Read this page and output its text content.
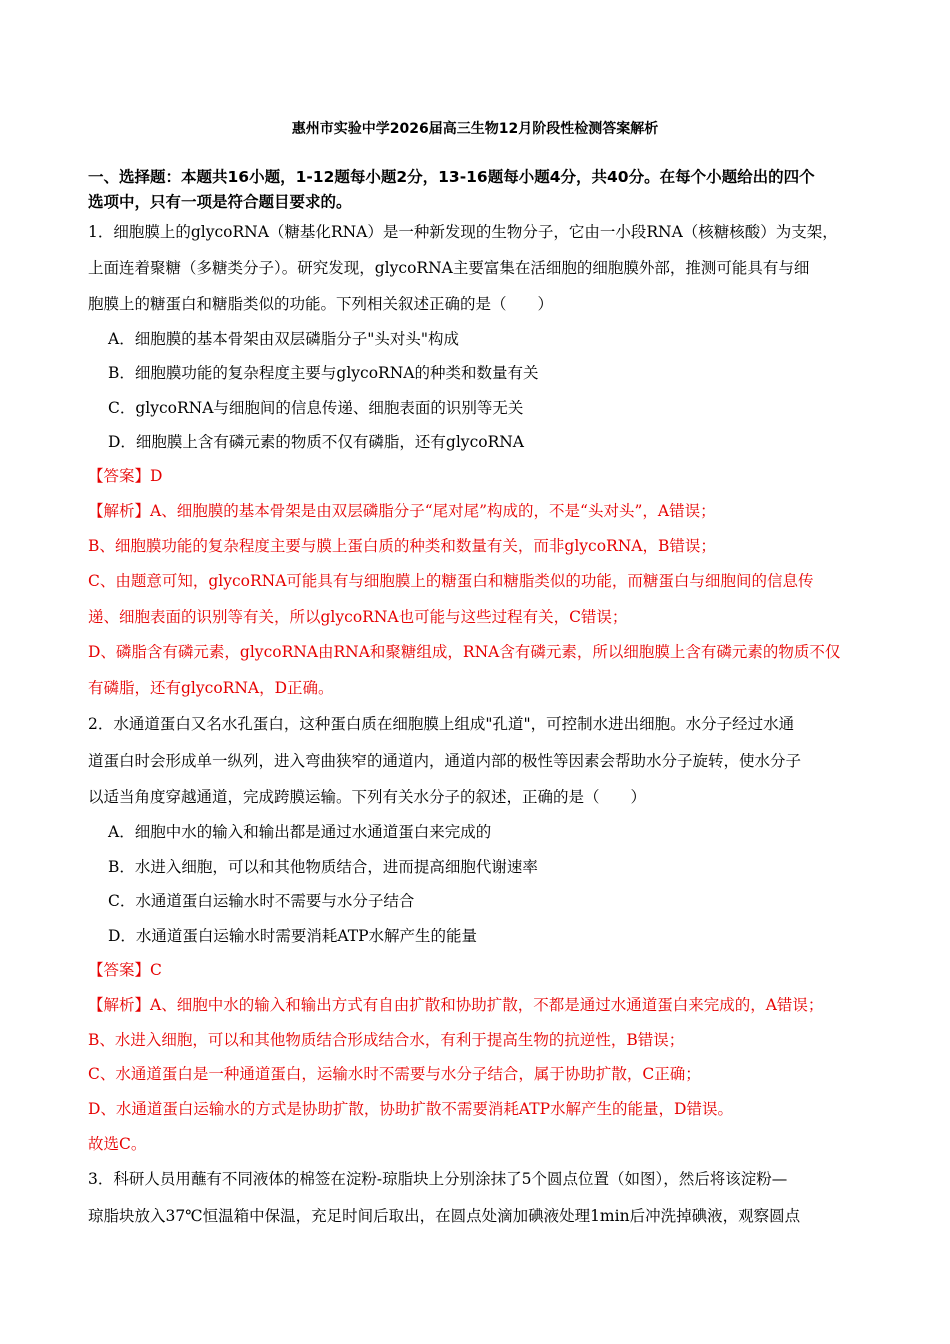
惠州市实验中学2026届高三生物12月阶段性检测答案解析
一、选择题：本题共16小题，1-12题每小题2分，13-16题每小题4分，共40分。在每个小题给出的四个
选项中，只有一项是符合题目要求的。
1．细胞膜上的glycoRNA（糖基化RNA）是一种新发现的生物分子，它由一小段RNA（核糖核酸）为支架，
上面连着聚糖（多糖类分子）。研究发现，glycoRNA主要富集在活细胞的细胞膜外部，推测可能具有与细
胞膜上的糖蛋白和糖脂类似的功能。下列相关叙述正确的是（　　）
A．细胞膜的基本骨架由双层磷脂分子"头对头"构成
B．细胞膜功能的复杂程度主要与glycoRNA的种类和数量有关
C．glycoRNA与细胞间的信息传递、细胞表面的识别等无关
D．细胞膜上含有磷元素的物质不仅有磷脂，还有glycoRNA
【答案】D
【解析】A、细胞膜的基本骨架是由双层磷脂分子“尾对尾”构成的，不是“头对头”，A错误；
B、细胞膜功能的复杂程度主要与膜上蛋白质的种类和数量有关，而非glycoRNA，B错误；
C、由题意可知，glycoRNA可能具有与细胞膜上的糖蛋白和糖脂类似的功能，而糖蛋白与细胞间的信息传
递、细胞表面的识别等有关，所以glycoRNA也可能与这些过程有关，C错误；
D、磷脂含有磷元素，glycoRNA由RNA和聚糖组成，RNA含有磷元素，所以细胞膜上含有磷元素的物质不仅
有磷脂，还有glycoRNA，D正确。
2．水通道蛋白又名水孔蛋白，这种蛋白质在细胞膜上组成"孔道"，可控制水进出细胞。水分子经过水通
道蛋白时会形成单一纵列，进入弯曲狭窄的通道内，通道内部的极性等因素会帮助水分子旋转，使水分子
以适当角度穿越通道，完成跨膜运输。下列有关水分子的叙述，正确的是（　　）
A．细胞中水的输入和输出都是通过水通道蛋白来完成的
B．水进入细胞，可以和其他物质结合，进而提高细胞代谢速率
C．水通道蛋白运输水时不需要与水分子结合
D．水通道蛋白运输水时需要消耗ATP水解产生的能量
【答案】C
【解析】A、细胞中水的输入和输出方式有自由扩散和协助扩散，不都是通过水通道蛋白来完成的，A错误；
B、水进入细胞，可以和其他物质结合形成结合水，有利于提高生物的抗逆性，B错误；
C、水通道蛋白是一种通道蛋白，运输水时不需要与水分子结合，属于协助扩散，C正确；
D、水通道蛋白运输水的方式是协助扩散，协助扩散不需要消耗ATP水解产生的能量，D错误。
故选C。
3．科研人员用蘸有不同液体的棉签在淀粉-琼脂块上分别涂抹了5个圆点位置（如图），然后将该淀粉—
琼脂块放入37℃恒温箱中保温，充足时间后取出，在圆点处滴加碘液处理1min后冲洗掉碘液，观察圆点
